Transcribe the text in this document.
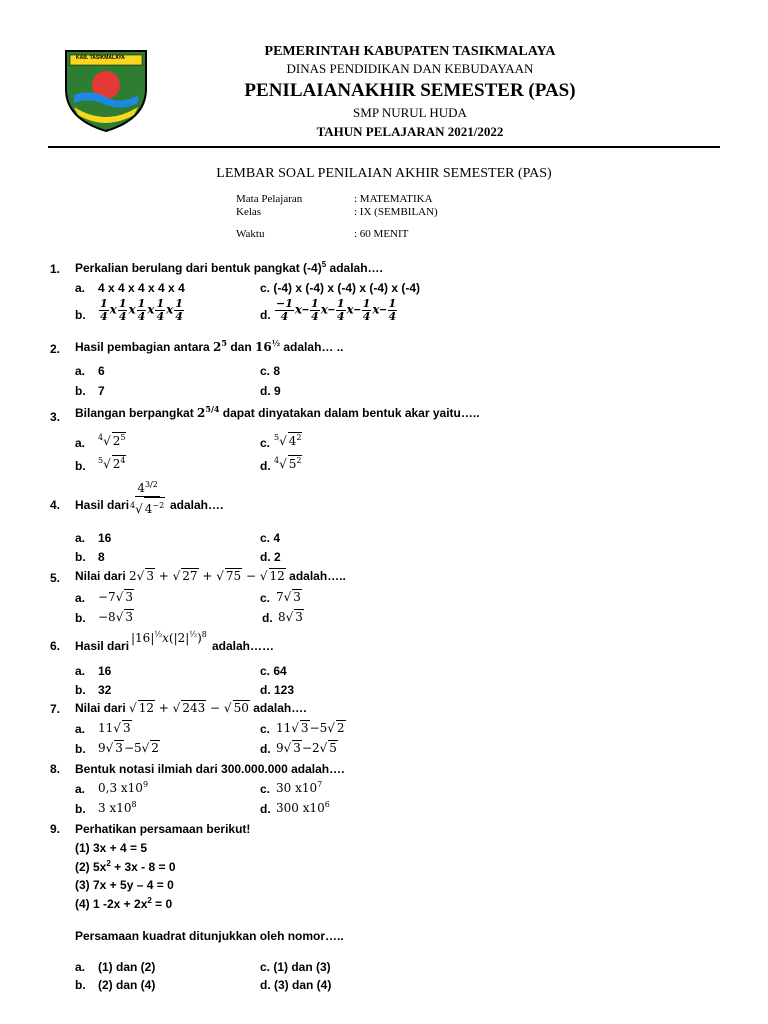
KAB. TASIKMALAYA	PEMERINTAH KABUPATEN TASIKMALAYA
DINAS PENDIDIKAN DAN KEBUDAYAAN
PENILAIANAKHIR SEMESTER (PAS)
SMP NURUL HUDA
TAHUN PELAJARAN 2021/2022
LEMBAR SOAL PENILAIAN AKHIR SEMESTER (PAS)
Mata Pelajaran	: MATEMATIKA
Kelas	: IX (SEMBILAN)
Waktu	: 60 MENIT
1. Perkalian berulang dari bentuk pangkat $(-4)^5$ adalah….
a. 4 x 4 x 4 x 4 x 4	c. (-4) x (-4) x (-4) x (-4) x (-4)
b. $\frac{1}{4}$ x $\frac{1}{4}$ x $\frac{1}{4}$ x $\frac{1}{4}$ x $\frac{1}{4}$	d. $\frac{-1}{4} x- \frac{1}{4} x- \frac{1}{4} x- \frac{1}{4} x- \frac{1}{4}$
2. Hasil pembagian antara $2^5$ dan $16^{\frac{1}{2}}$ adalah… ..
a. 6	c. 8
b. 7	d. 9
3. Bilangan berpangkat $2^{5/4}$ dapat dinyatakan dalam bentuk akar yaitu…..
a. $^4$√ $2^5$	c. $^5$√ $4^2$
b. $^5$√ $2^4$	d. $^4$√ $5^2$
4. Hasil dari $\frac{4^{3/2}}{^4√ 4^{-2}}$ adalah….
a. 16	c. 4
b. 8	d. 2
5. Nilai dari 2√ 3 + √ 27 + √ 75 − √ 12 adalah…..
a. −7√ 3	c. 7√ 3
b. −8√ 3	d. 8√ 3
6. Hasil dari
$|16|^{\frac{1}{2}}x(|2|^{\frac{1}{2}})^8$
adalah……
a. 16	c. 64
b. 32	d. 123
7. Nilai dari √ 12 + √ 243 − √ 50 adalah….
a. 11√ 3	c. 11√ 3−5√ 2
b. 9√ 3−5√ 2	d. 9√ 3−2√ 5
8. Bentuk notasi ilmiah dari 300.000.000 adalah….
a. 0,3 $x10^9$	c. 30 $x10^7$
b. 3 $x10^8$	d. 300 $x10^6$
9. Perhatikan persamaan berikut!
(1) 3x + 4 = 5
(2) $5x^2 + 3x - 8 = 0$
(3) 7x + 5y – 4 = 0
(4) 1 $-2x + 2x^2 = 0$
Persamaan kuadrat ditunjukkan oleh nomor…..
a. (1) dan (2)	c. (1) dan (3)
b. (2) dan (4)	d. (3) dan (4)
